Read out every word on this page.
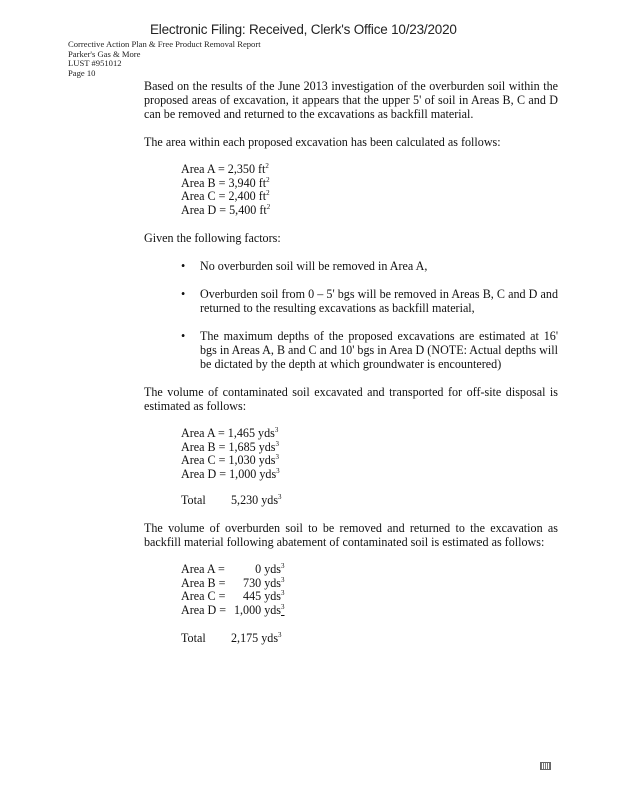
Electronic Filing: Received, Clerk's Office 10/23/2020
Corrective Action Plan & Free Product Removal Report
Parker's Gas & More
LUST #951012
Page 10

Based on the results of the June 2013 investigation of the overburden soil within the proposed areas of excavation, it appears that the upper 5' of soil in Areas B, C and D can be removed and returned to the excavations as backfill material.

The area within each proposed excavation has been calculated as follows:

Area A = 2,350 $ft^2$
Area B = 3,940 $ft^2$
Area C = 2,400 $ft^2$
Area D = 5,400 $ft^2$

Given the following factors:

• No overburden soil will be removed in Area A,
• Overburden soil from 0 – 5' bgs will be removed in Areas B, C and D and returned to the resulting excavations as backfill material,
• The maximum depths of the proposed excavations are estimated at 16' bgs in Areas A, B and C and 10' bgs in Area D (NOTE: Actual depths will be dictated by the depth at which groundwater is encountered)

The volume of contaminated soil excavated and transported for off-site disposal is estimated as follows:

Area A = 1,465 yds$^3$
Area B = 1,685 yds$^3$
Area C = 1,030 yds$^3$
Area D = 1,000 yds$^3$
Total 5,230 yds$^3$

The volume of overburden soil to be removed and returned to the excavation as backfill material following abatement of contaminated soil is estimated as follows:

Area A =	0 yds$^3$
Area B = 730 yds$^3$
Area C = 445 yds$^3$
Area D = 1,000 yds$^3$
Total 2,175 yds$^3$
